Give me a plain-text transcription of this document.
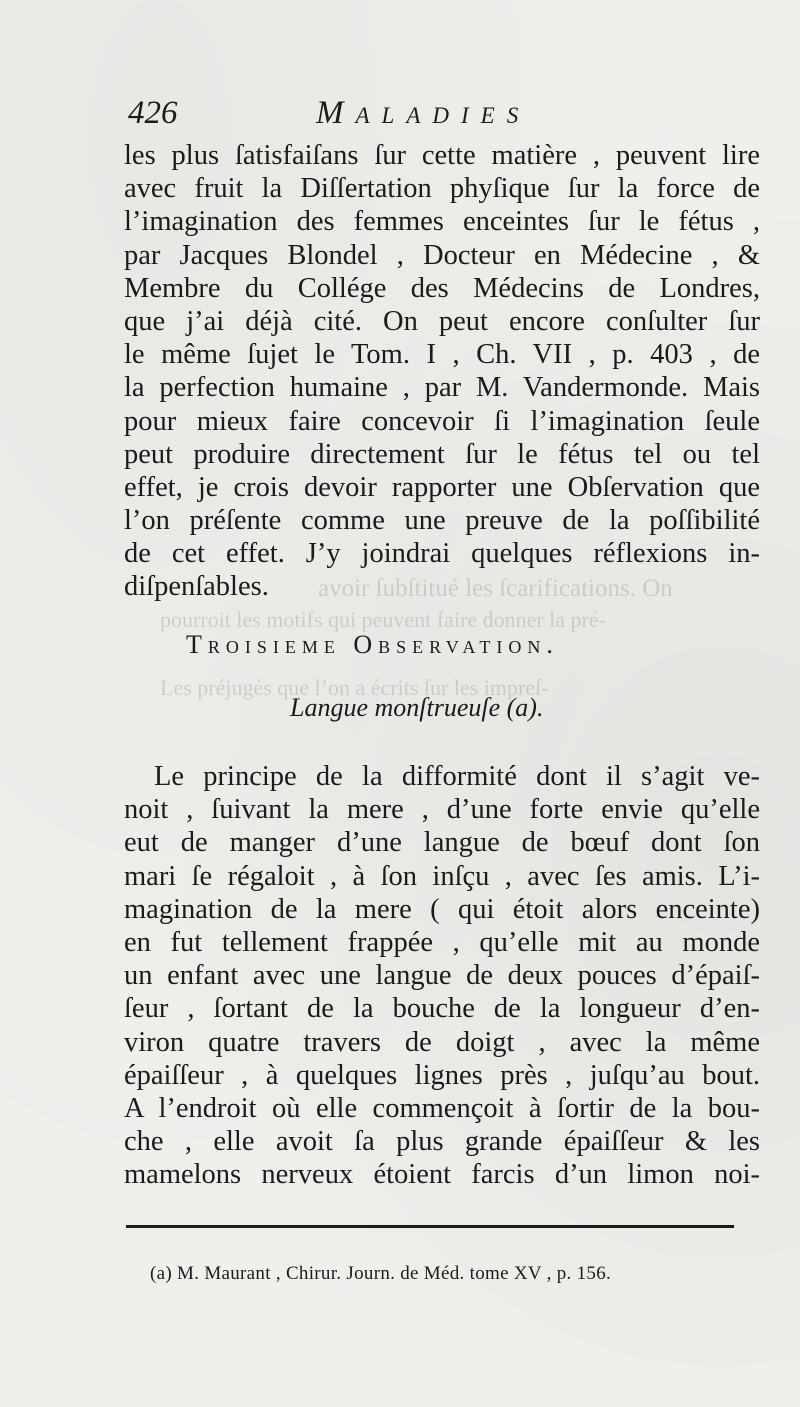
avoir ſubſtitué les ſcarifications. On
pourroit les motifs qui peuvent faire donner la pré-
Les préjugés que l’on a écrits ſur les impreſ-
426	Maladies
les plus ſatisfaiſans ſur cette matière , peuvent lire
avec fruit la Diſſertation phyſique ſur la force de
l’imagination des femmes enceintes ſur le fétus ,
par Jacques Blondel , Docteur en Médecine , &
Membre du Collége des Médecins de Londres,
que j’ai déjà cité. On peut encore conſulter ſur
le même ſujet le Tom. I , Ch. VII , p. 403 , de
la perfection humaine , par M. Vandermonde. Mais
pour mieux faire concevoir ſi l’imagination ſeule
peut produire directement ſur le fétus tel ou tel
effet, je crois devoir rapporter une Obſervation que
l’on préſente comme une preuve de la poſſibilité
de cet effet. J’y joindrai quelques réflexions in-
diſpenſables.
Troisieme Observation.
Langue monſtrueuſe (a).
Le principe de la difformité dont il s’agit ve-
noit , ſuivant la mere , d’une forte envie qu’elle
eut de manger d’une langue de bœuf dont ſon
mari ſe régaloit , à ſon inſçu , avec ſes amis. L’i-
magination de la mere ( qui étoit alors enceinte)
en fut tellement frappée , qu’elle mit au monde
un enfant avec une langue de deux pouces d’épaiſ-
ſeur , ſortant de la bouche de la longueur d’en-
viron quatre travers de doigt , avec la même
épaiſſeur , à quelques lignes près , juſqu’au bout.
A l’endroit où elle commençoit à ſortir de la bou-
che , elle avoit ſa plus grande épaiſſeur & les
mamelons nerveux étoient farcis d’un limon noi-
(a) M. Maurant , Chirur. Journ. de Méd. tome XV , p. 156.
